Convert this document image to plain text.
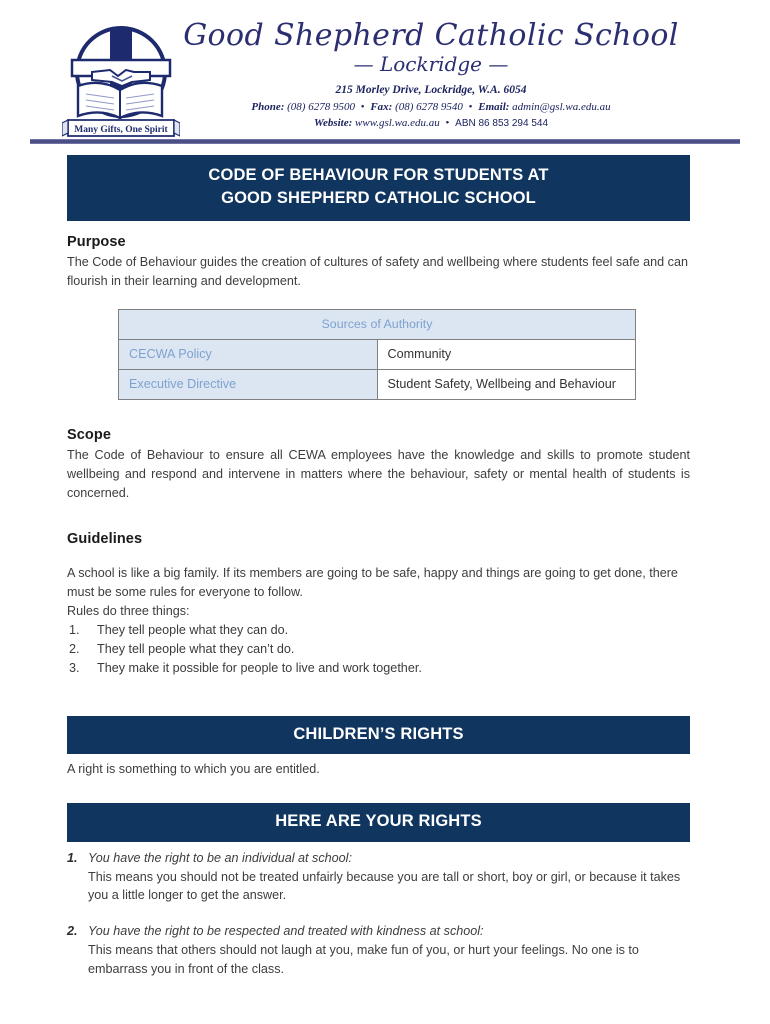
Many Gifts, One Spirit
Good Shepherd Catholic School
— Lockridge —
215 Morley Drive, Lockridge, W.A. 6054
Phone: (08) 6278 9500 • Fax: (08) 6278 9540 • Email: admin@gsl.wa.edu.au
Website: www.gsl.wa.edu.au • ABN 86 853 294 544
CODE OF BEHAVIOUR FOR STUDENTS AT
GOOD SHEPHERD CATHOLIC SCHOOL
Purpose

The Code of Behaviour guides the creation of cultures of safety and wellbeing where students feel safe and can flourish in their learning and development.

Sources of Authority	
CECWA Policy	Community
Executive Directive	Student Safety, Wellbeing and Behaviour
Scope

The Code of Behaviour to ensure all CEWA employees have the knowledge and skills to promote student wellbeing and respond and intervene in matters where the behaviour, safety or mental health of students is concerned.

Guidelines

A school is like a big family. If its members are going to be safe, happy and things are going to get done, there must be some rules for everyone to follow.

Rules do three things:

1.	They tell people what they can do.
2.	They tell people what they can’t do.
3.	They make it possible for people to live and work together.
CHILDREN’S RIGHTS

A right is something to which you are entitled.

HERE ARE YOUR RIGHTS
1. You have the right to be an individual at school:
This means you should not be treated unfairly because you are tall or short, boy or girl, or because it takes you a little longer to get the answer.
2. You have the right to be respected and treated with kindness at school:
This means that others should not laugh at you, make fun of you, or hurt your feelings. No one is to embarrass you in front of the class.
